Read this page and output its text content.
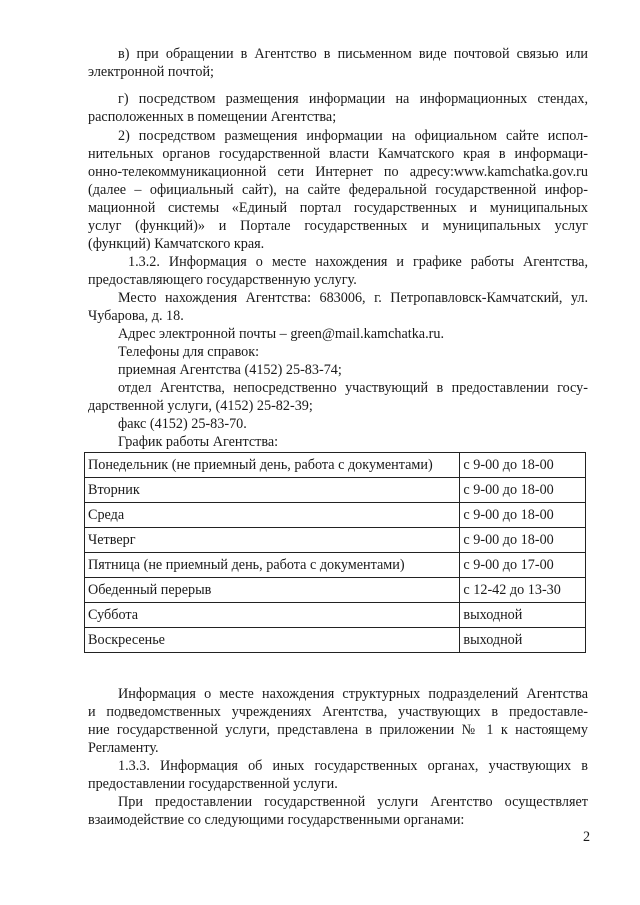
в) при обращении в Агентство в письменном виде почтовой связью или
электронной почтой;
г) посредством размещения информации на информационных стендах,
расположенных в помещении Агентства;
2) посредством размещения информации на официальном сайте испол-
нительных органов государственной власти Камчатского края в информаци-
онно-телекоммуникационной сети Интернет по адресу:www.kamchatka.gov.ru
(далее – официальный сайт), на сайте федеральной государственной инфор-
мационной системы «Единый портал государственных и муниципальных
услуг (функций)» и Портале государственных и муниципальных услуг
(функций) Камчатского края.
1.3.2. Информация о месте нахождения и графике работы Агентства,
предоставляющего государственную услугу.
Место нахождения Агентства: 683006, г. Петропавловск-Камчатский, ул.
Чубарова, д. 18.
Адрес электронной почты – green@mail.kamchatka.ru.
Телефоны для справок:
приемная Агентства (4152) 25-83-74;
отдел Агентства, непосредственно участвующий в предоставлении госу-
дарственной услуги, (4152) 25-82-39;
факс (4152) 25-83-70.
График работы Агентства:
Понедельник (не приемный день, работа с документами)	с 9-00 до 18-00
Вторник	с 9-00 до 18-00
Среда	с 9-00 до 18-00
Четверг	с 9-00 до 18-00
Пятница (не приемный день, работа с документами)	с 9-00 до 17-00
Обеденный перерыв	с 12-42 до 13-30
Суббота	выходной
Воскресенье	выходной
Информация о месте нахождения структурных подразделений Агентства
и подведомственных учреждениях Агентства, участвующих в предоставле-
ние государственной услуги, представлена в приложении № 1 к настоящему
Регламенту.
1.3.3. Информация об иных государственных органах, участвующих в
предоставлении государственной услуги.
При предоставлении государственной услуги Агентство осуществляет
взаимодействие со следующими государственными органами:
2
